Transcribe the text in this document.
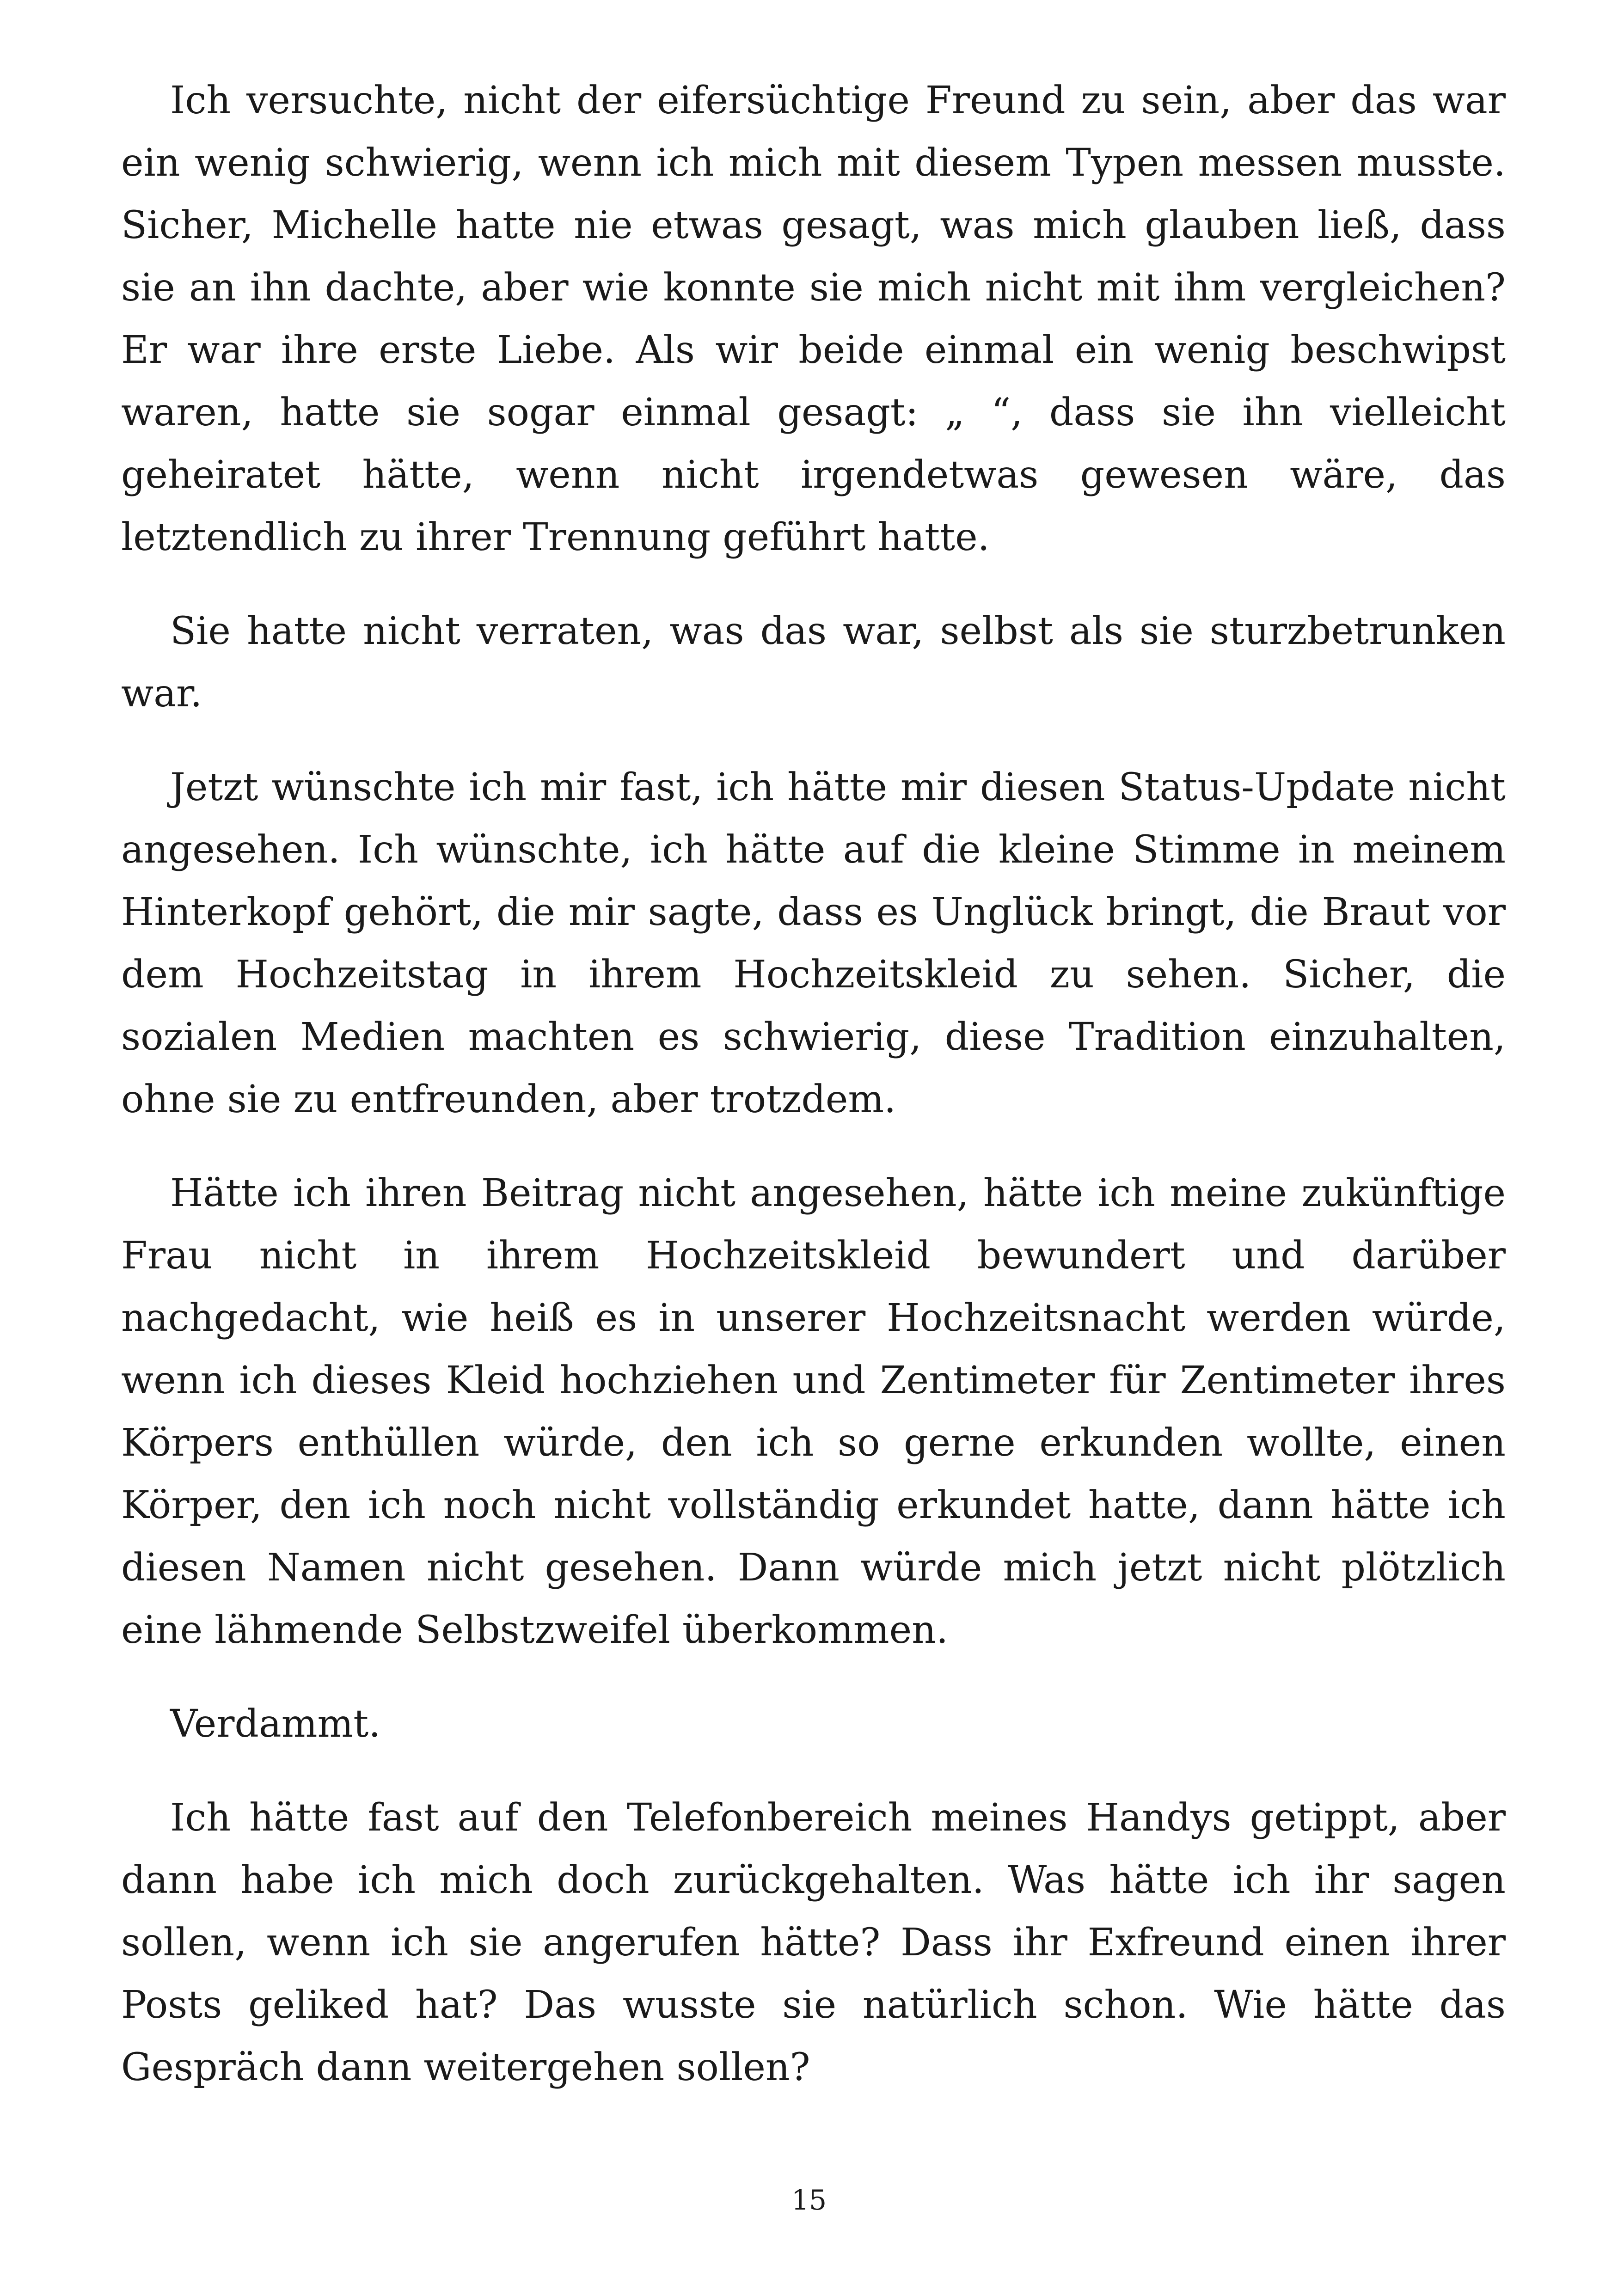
Ich versuchte, nicht der eifersüchtige Freund zu sein, aber das war ein wenig schwierig, wenn ich mich mit diesem Typen messen musste. Sicher, Michelle hatte nie etwas gesagt, was mich glauben ließ, dass sie an ihn dachte, aber wie konnte sie mich nicht mit ihm vergleichen? Er war ihre erste Liebe. Als wir beide einmal ein wenig beschwipst waren, hatte sie sogar einmal gesagt: „ “, dass sie ihn vielleicht geheiratet hätte, wenn nicht irgendetwas gewesen wäre, das letztendlich zu ihrer Trennung geführt hatte.

Sie hatte nicht verraten, was das war, selbst als sie sturzbetrunken war.

Jetzt wünschte ich mir fast, ich hätte mir diesen Status-Update nicht angesehen. Ich wünschte, ich hätte auf die kleine Stimme in meinem Hinterkopf gehört, die mir sagte, dass es Unglück bringt, die Braut vor dem Hochzeitstag in ihrem Hochzeitskleid zu sehen. Sicher, die sozialen Medien machten es schwierig, diese Tradition einzuhalten, ohne sie zu entfreunden, aber trotzdem.

Hätte ich ihren Beitrag nicht angesehen, hätte ich meine zukünftige Frau nicht in ihrem Hochzeitskleid bewundert und darüber nachgedacht, wie heiß es in unserer Hochzeitsnacht werden würde, wenn ich dieses Kleid hochziehen und Zentimeter für Zentimeter ihres Körpers enthüllen würde, den ich so gerne erkunden wollte, einen Körper, den ich noch nicht vollständig erkundet hatte, dann hätte ich diesen Namen nicht gesehen. Dann würde mich jetzt nicht plötzlich eine lähmende Selbstzweifel überkommen.

Verdammt.

Ich hätte fast auf den Telefonbereich meines Handys getippt, aber dann habe ich mich doch zurückgehalten. Was hätte ich ihr sagen sollen, wenn ich sie angerufen hätte? Dass ihr Exfreund einen ihrer Posts geliked hat? Das wusste sie natürlich schon. Wie hätte das Gespräch dann weitergehen sollen?

15
